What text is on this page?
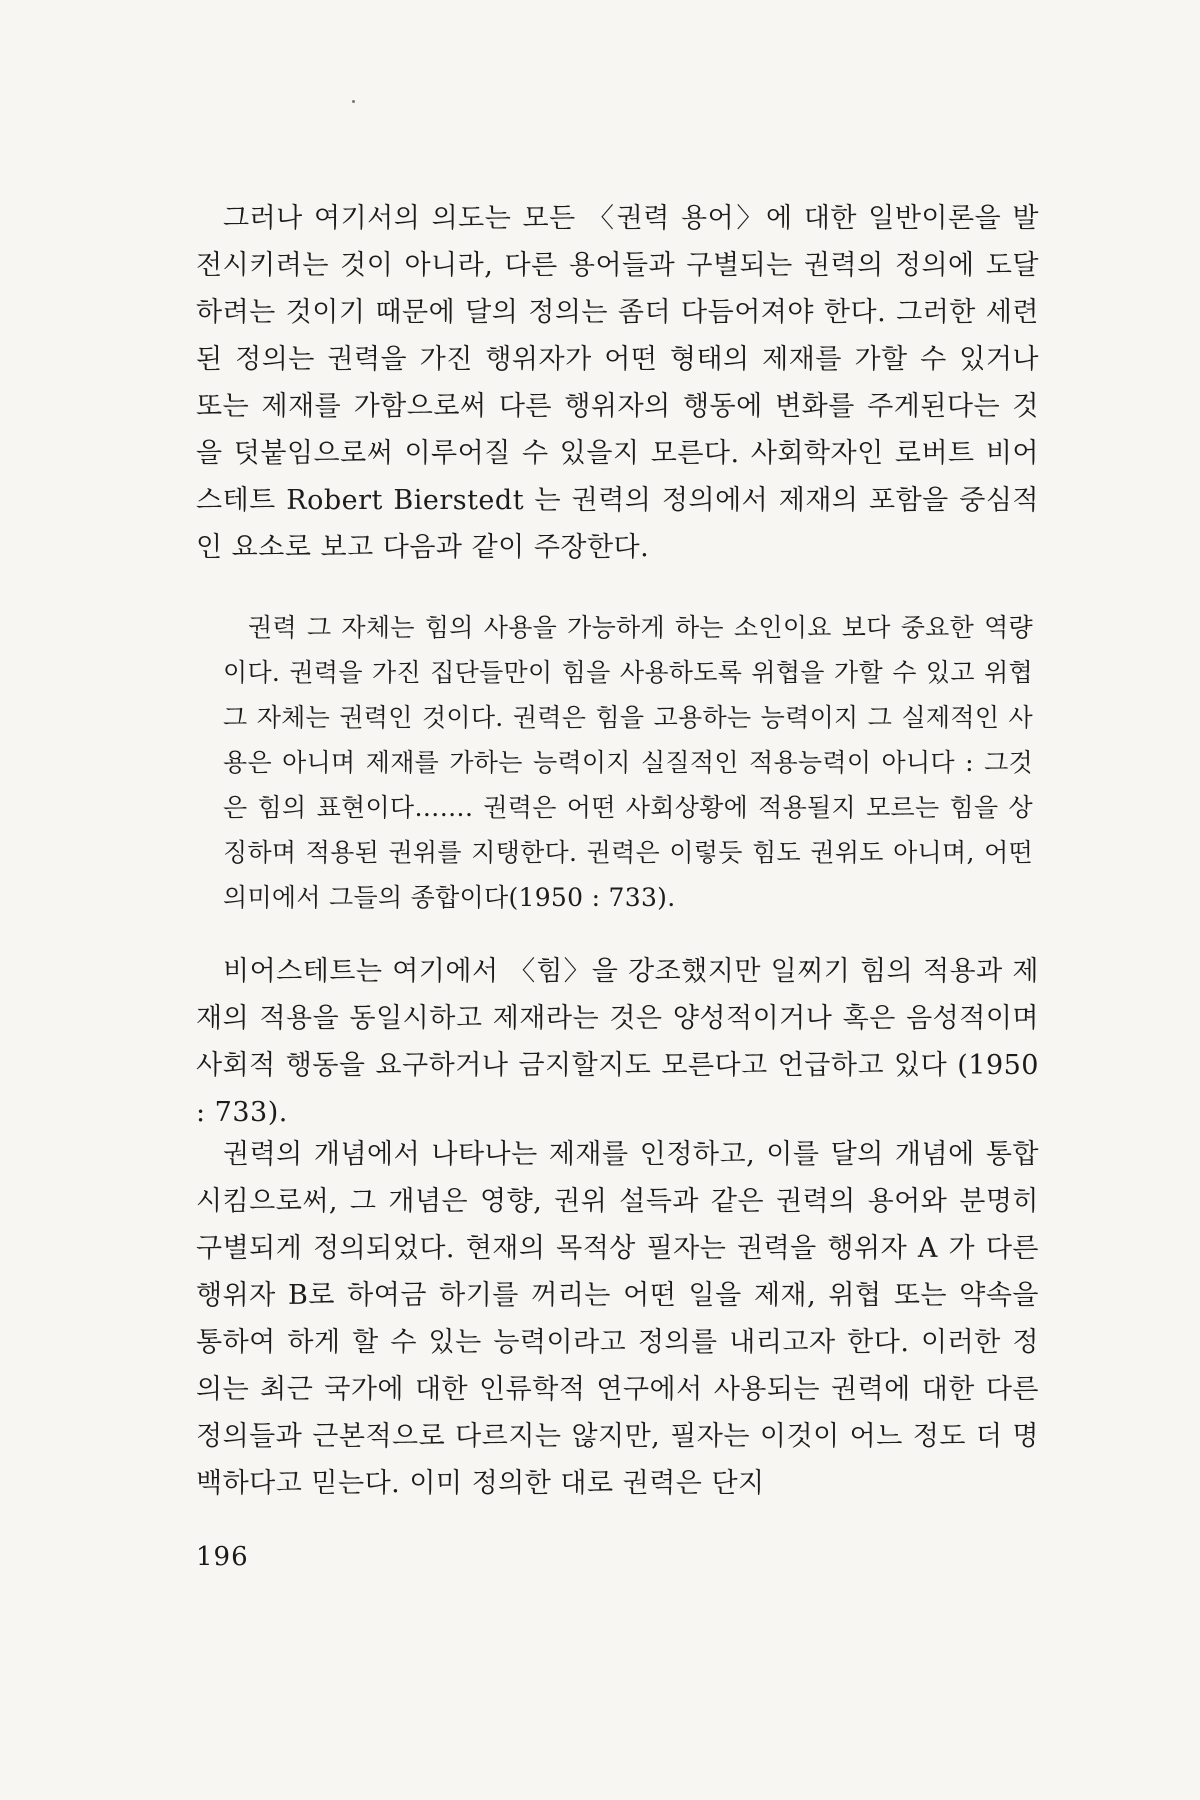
그러나 여기서의 의도는 모든 〈권력 용어〉에 대한 일반이론을 발전시키려는 것이 아니라, 다른 용어들과 구별되는 권력의 정의에 도달하려는 것이기 때문에 달의 정의는 좀더 다듬어져야 한다. 그러한 세련된 정의는 권력을 가진 행위자가 어떤 형태의 제재를 가할 수 있거나 또는 제재를 가함으로써 다른 행위자의 행동에 변화를 주게된다는 것을 덧붙임으로써 이루어질 수 있을지 모른다. 사회학자인 로버트 비어스테트 Robert Bierstedt 는 권력의 정의에서 제재의 포함을 중심적인 요소로 보고 다음과 같이 주장한다.

권력 그 자체는 힘의 사용을 가능하게 하는 소인이요 보다 중요한 역량이다. 권력을 가진 집단들만이 힘을 사용하도록 위협을 가할 수 있고 위협 그 자체는 권력인 것이다. 권력은 힘을 고용하는 능력이지 그 실제적인 사용은 아니며 제재를 가하는 능력이지 실질적인 적용능력이 아니다 : 그것은 힘의 표현이다……. 권력은 어떤 사회상황에 적용될지 모르는 힘을 상징하며 적용된 권위를 지탱한다. 권력은 이렇듯 힘도 권위도 아니며, 어떤 의미에서 그들의 종합이다(1950 : 733).

비어스테트는 여기에서 〈힘〉을 강조했지만 일찌기 힘의 적용과 제재의 적용을 동일시하고 제재라는 것은 양성적이거나 혹은 음성적이며 사회적 행동을 요구하거나 금지할지도 모른다고 언급하고 있다 (1950 : 733).

권력의 개념에서 나타나는 제재를 인정하고, 이를 달의 개념에 통합시킴으로써, 그 개념은 영향, 권위 설득과 같은 권력의 용어와 분명히 구별되게 정의되었다. 현재의 목적상 필자는 권력을 행위자 A 가 다른 행위자 B로 하여금 하기를 꺼리는 어떤 일을 제재, 위협 또는 약속을 통하여 하게 할 수 있는 능력이라고 정의를 내리고자 한다. 이러한 정의는 최근 국가에 대한 인류학적 연구에서 사용되는 권력에 대한 다른 정의들과 근본적으로 다르지는 않지만, 필자는 이것이 어느 정도 더 명백하다고 믿는다. 이미 정의한 대로 권력은 단지

196
